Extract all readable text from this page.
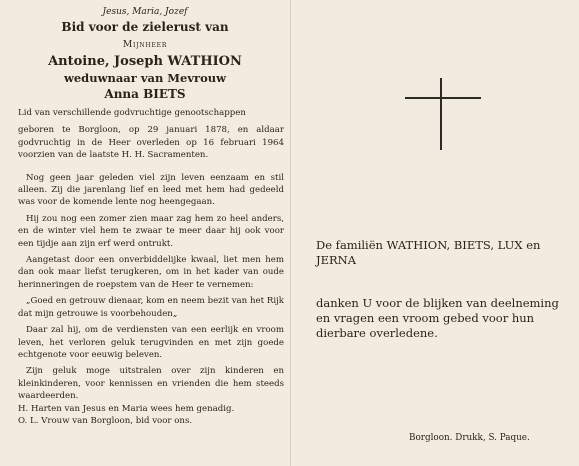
Jesus, Maria, Jozef
Bid voor de zielerust van
Mijnheer
Antoine, Joseph WATHION
weduwnaar van Mevrouw
Anna BIETS

Lid van verschillende godvruchtige genootschappen

geboren te Borgloon, op 29 januari 1878, en aldaar godvruchtig in de Heer overleden op 16 februari 1964 voorzien van de laatste H. H. Sacramenten.

Nog geen jaar geleden viel zijn leven eenzaam en stil alleen. Zij die jarenlang lief en leed met hem had gedeeld was voor de komende lente nog heengegaan.

Hij zou nog een zomer zien maar zag hem zo heel anders, en de winter viel hem te zwaar te meer daar hij ook voor een tijdje aan zijn erf werd ontrukt.

Aangetast door een onverbiddelijke kwaal, liet men hem dan ook maar liefst terugkeren, om in het kader van oude herinneringen de roepstem van de Heer te vernemen:

„Goed en getrouw dienaar, kom en neem bezit van het Rijk dat mijn getrouwe is voorbehouden„

Daar zal hij, om de verdiensten van een eerlijk en vroom leven, het verloren geluk terugvinden en met zijn goede echtgenote voor eeuwig beleven.

Zijn geluk moge uitstralen over zijn kinderen en kleinkinderen, voor kennissen en vrienden die hem steeds waardeerden.

H. Harten van Jesus en Maria wees hem genadig.

O. L. Vrouw van Borgloon, bid voor ons.

De familiën WATHION, BIETS, LUX en JERNA
danken U voor de blijken van deelneming en vragen een vroom gebed voor hun dierbare overledene.
Borgloon. Drukk, S. Paque.
